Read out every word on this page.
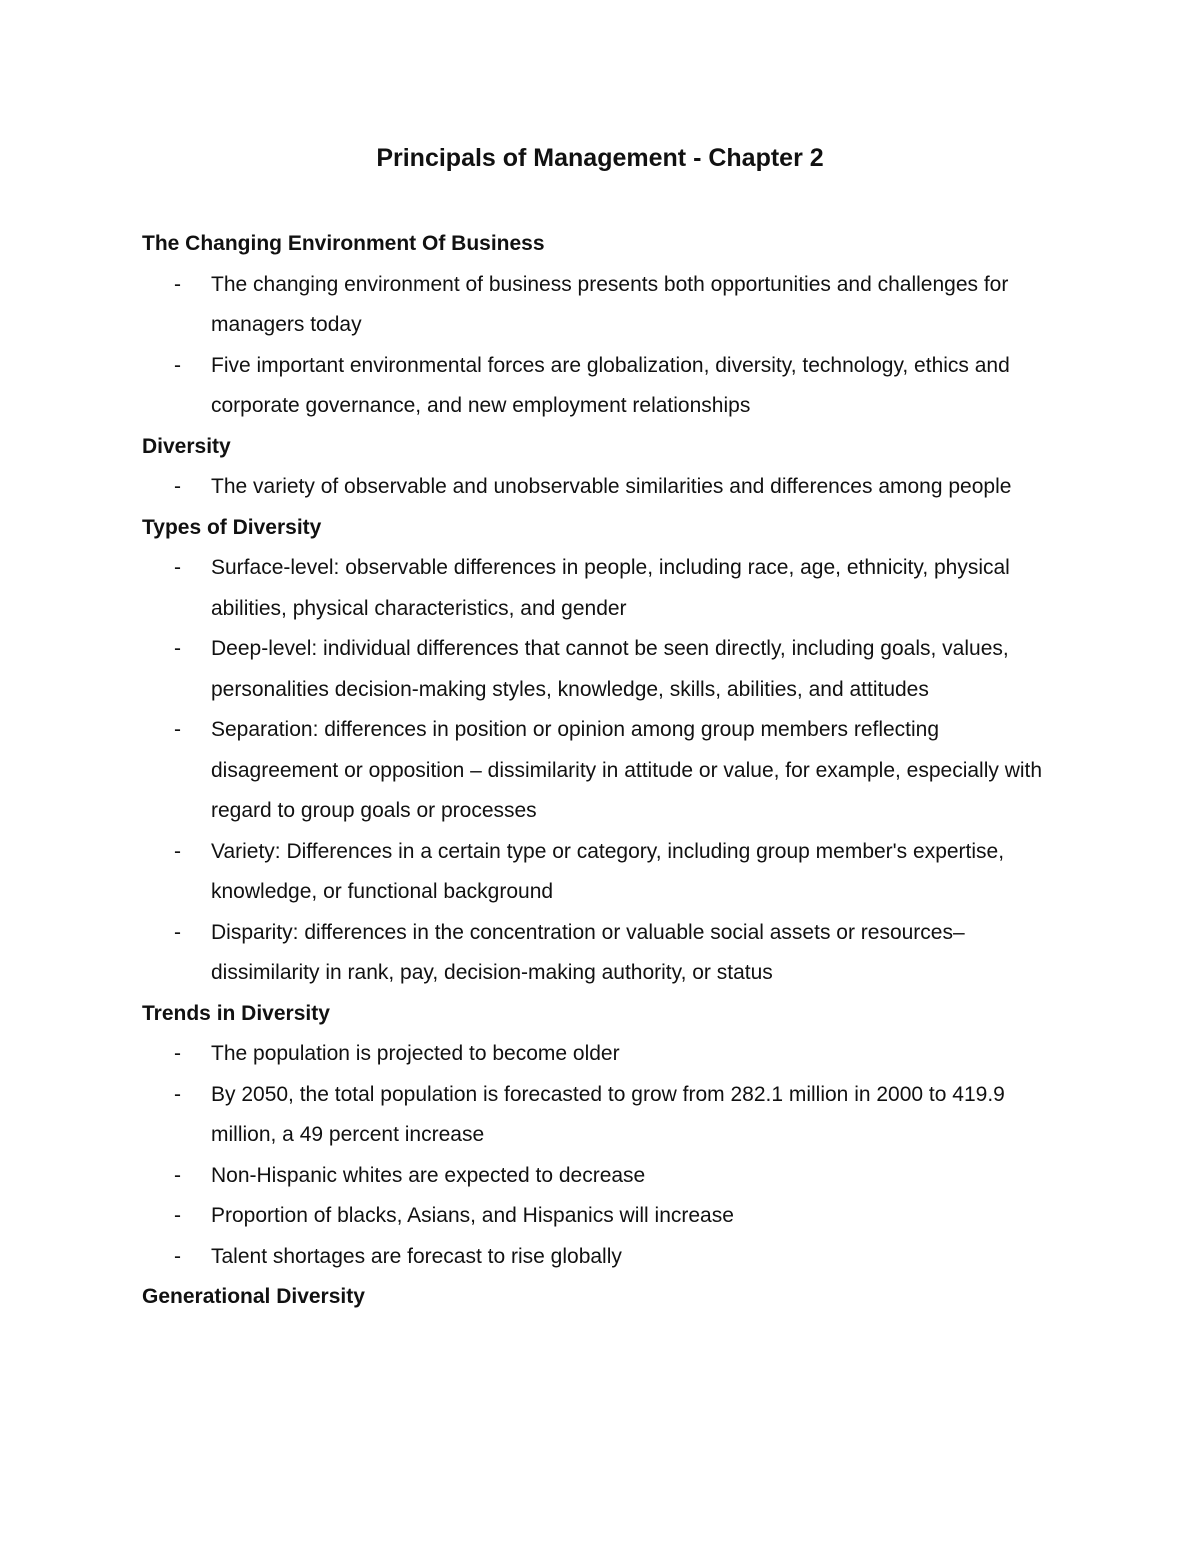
Principals of Management - Chapter 2
The Changing Environment Of Business
- The changing environment of business presents both opportunities and challenges for managers today
- Five important environmental forces are globalization, diversity, technology, ethics and corporate governance, and new employment relationships
Diversity
- The variety of observable and unobservable similarities and differences among people
Types of Diversity
- Surface-level: observable differences in people, including race, age, ethnicity, physical abilities, physical characteristics, and gender
- Deep-level: individual differences that cannot be seen directly, including goals, values, personalities decision-making styles, knowledge, skills, abilities, and attitudes
- Separation: differences in position or opinion among group members reflecting disagreement or opposition – dissimilarity in attitude or value, for example, especially with regard to group goals or processes
- Variety: Differences in a certain type or category, including group member's expertise, knowledge, or functional background
- Disparity: differences in the concentration or valuable social assets or resources–dissimilarity in rank, pay, decision-making authority, or status
Trends in Diversity
- The population is projected to become older
- By 2050, the total population is forecasted to grow from 282.1 million in 2000 to 419.9 million, a 49 percent increase
- Non-Hispanic whites are expected to decrease
- Proportion of blacks, Asians, and Hispanics will increase
- Talent shortages are forecast to rise globally
Generational Diversity
